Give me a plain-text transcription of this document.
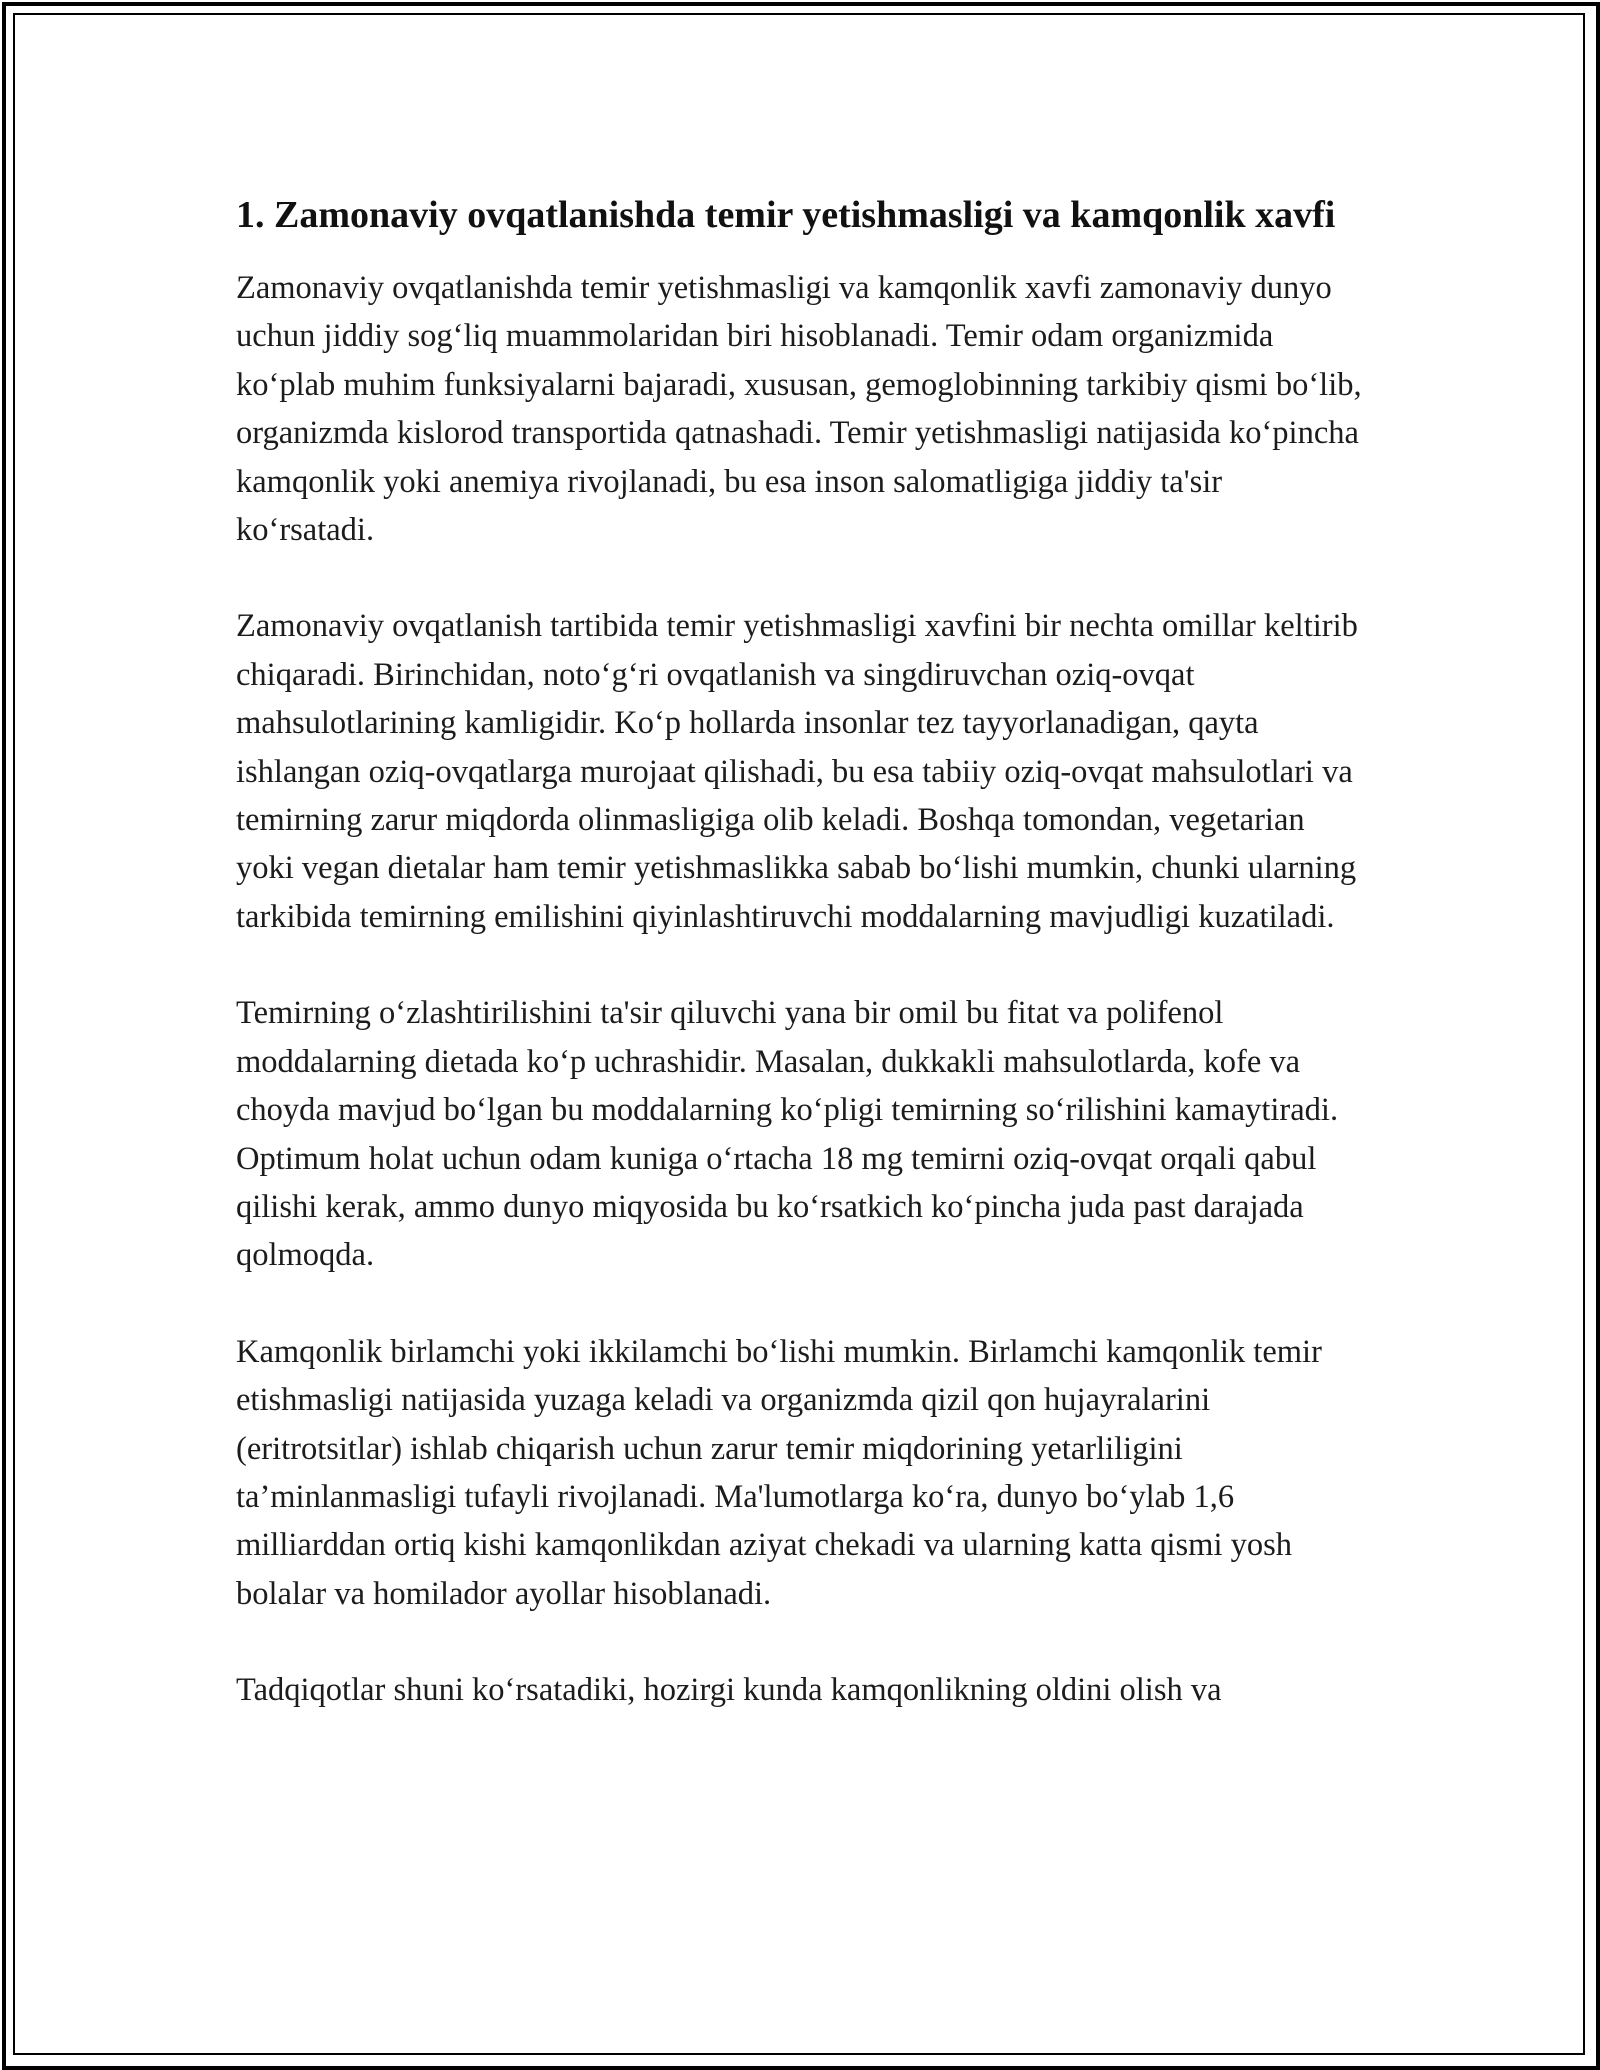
1. Zamonaviy ovqatlanishda temir yetishmasligi va kamqonlik xavfi

Zamonaviy ovqatlanishda temir yetishmasligi va kamqonlik xavfi zamonaviy dunyo uchun jiddiy sog‘liq muammolaridan biri hisoblanadi. Temir odam organizmida ko‘plab muhim funksiyalarni bajaradi, xususan, gemoglobinning tarkibiy qismi bo‘lib, organizmda kislorod transportida qatnashadi. Temir yetishmasligi natijasida ko‘pincha kamqonlik yoki anemiya rivojlanadi, bu esa inson salomatligiga jiddiy ta'sir ko‘rsatadi.

Zamonaviy ovqatlanish tartibida temir yetishmasligi xavfini bir nechta omillar keltirib chiqaradi. Birinchidan, noto‘g‘ri ovqatlanish va singdiruvchan oziq-ovqat mahsulotlarining kamligidir. Ko‘p hollarda insonlar tez tayyorlanadigan, qayta ishlangan oziq-ovqatlarga murojaat qilishadi, bu esa tabiiy oziq-ovqat mahsulotlari va temirning zarur miqdorda olinmasligiga olib keladi. Boshqa tomondan, vegetarian yoki vegan dietalar ham temir yetishmaslikka sabab bo‘lishi mumkin, chunki ularning tarkibida temirning emilishini qiyinlashtiruvchi moddalarning mavjudligi kuzatiladi.

Temirning o‘zlashtirilishini ta'sir qiluvchi yana bir omil bu fitat va polifenol moddalarning dietada ko‘p uchrashidir. Masalan, dukkakli mahsulotlarda, kofe va choyda mavjud bo‘lgan bu moddalarning ko‘pligi temirning so‘rilishini kamaytiradi. Optimum holat uchun odam kuniga o‘rtacha 18 mg temirni oziq-ovqat orqali qabul qilishi kerak, ammo dunyo miqyosida bu ko‘rsatkich ko‘pincha juda past darajada qolmoqda.

Kamqonlik birlamchi yoki ikkilamchi bo‘lishi mumkin. Birlamchi kamqonlik temir etishmasligi natijasida yuzaga keladi va organizmda qizil qon hujayralarini (eritrotsitlar) ishlab chiqarish uchun zarur temir miqdorining yetarliligini ta’minlanmasligi tufayli rivojlanadi. Ma'lumotlarga ko‘ra, dunyo bo‘ylab 1,6 milliarddan ortiq kishi kamqonlikdan aziyat chekadi va ularning katta qismi yosh bolalar va homilador ayollar hisoblanadi.

Tadqiqotlar shuni ko‘rsatadiki, hozirgi kunda kamqonlikning oldini olish va
